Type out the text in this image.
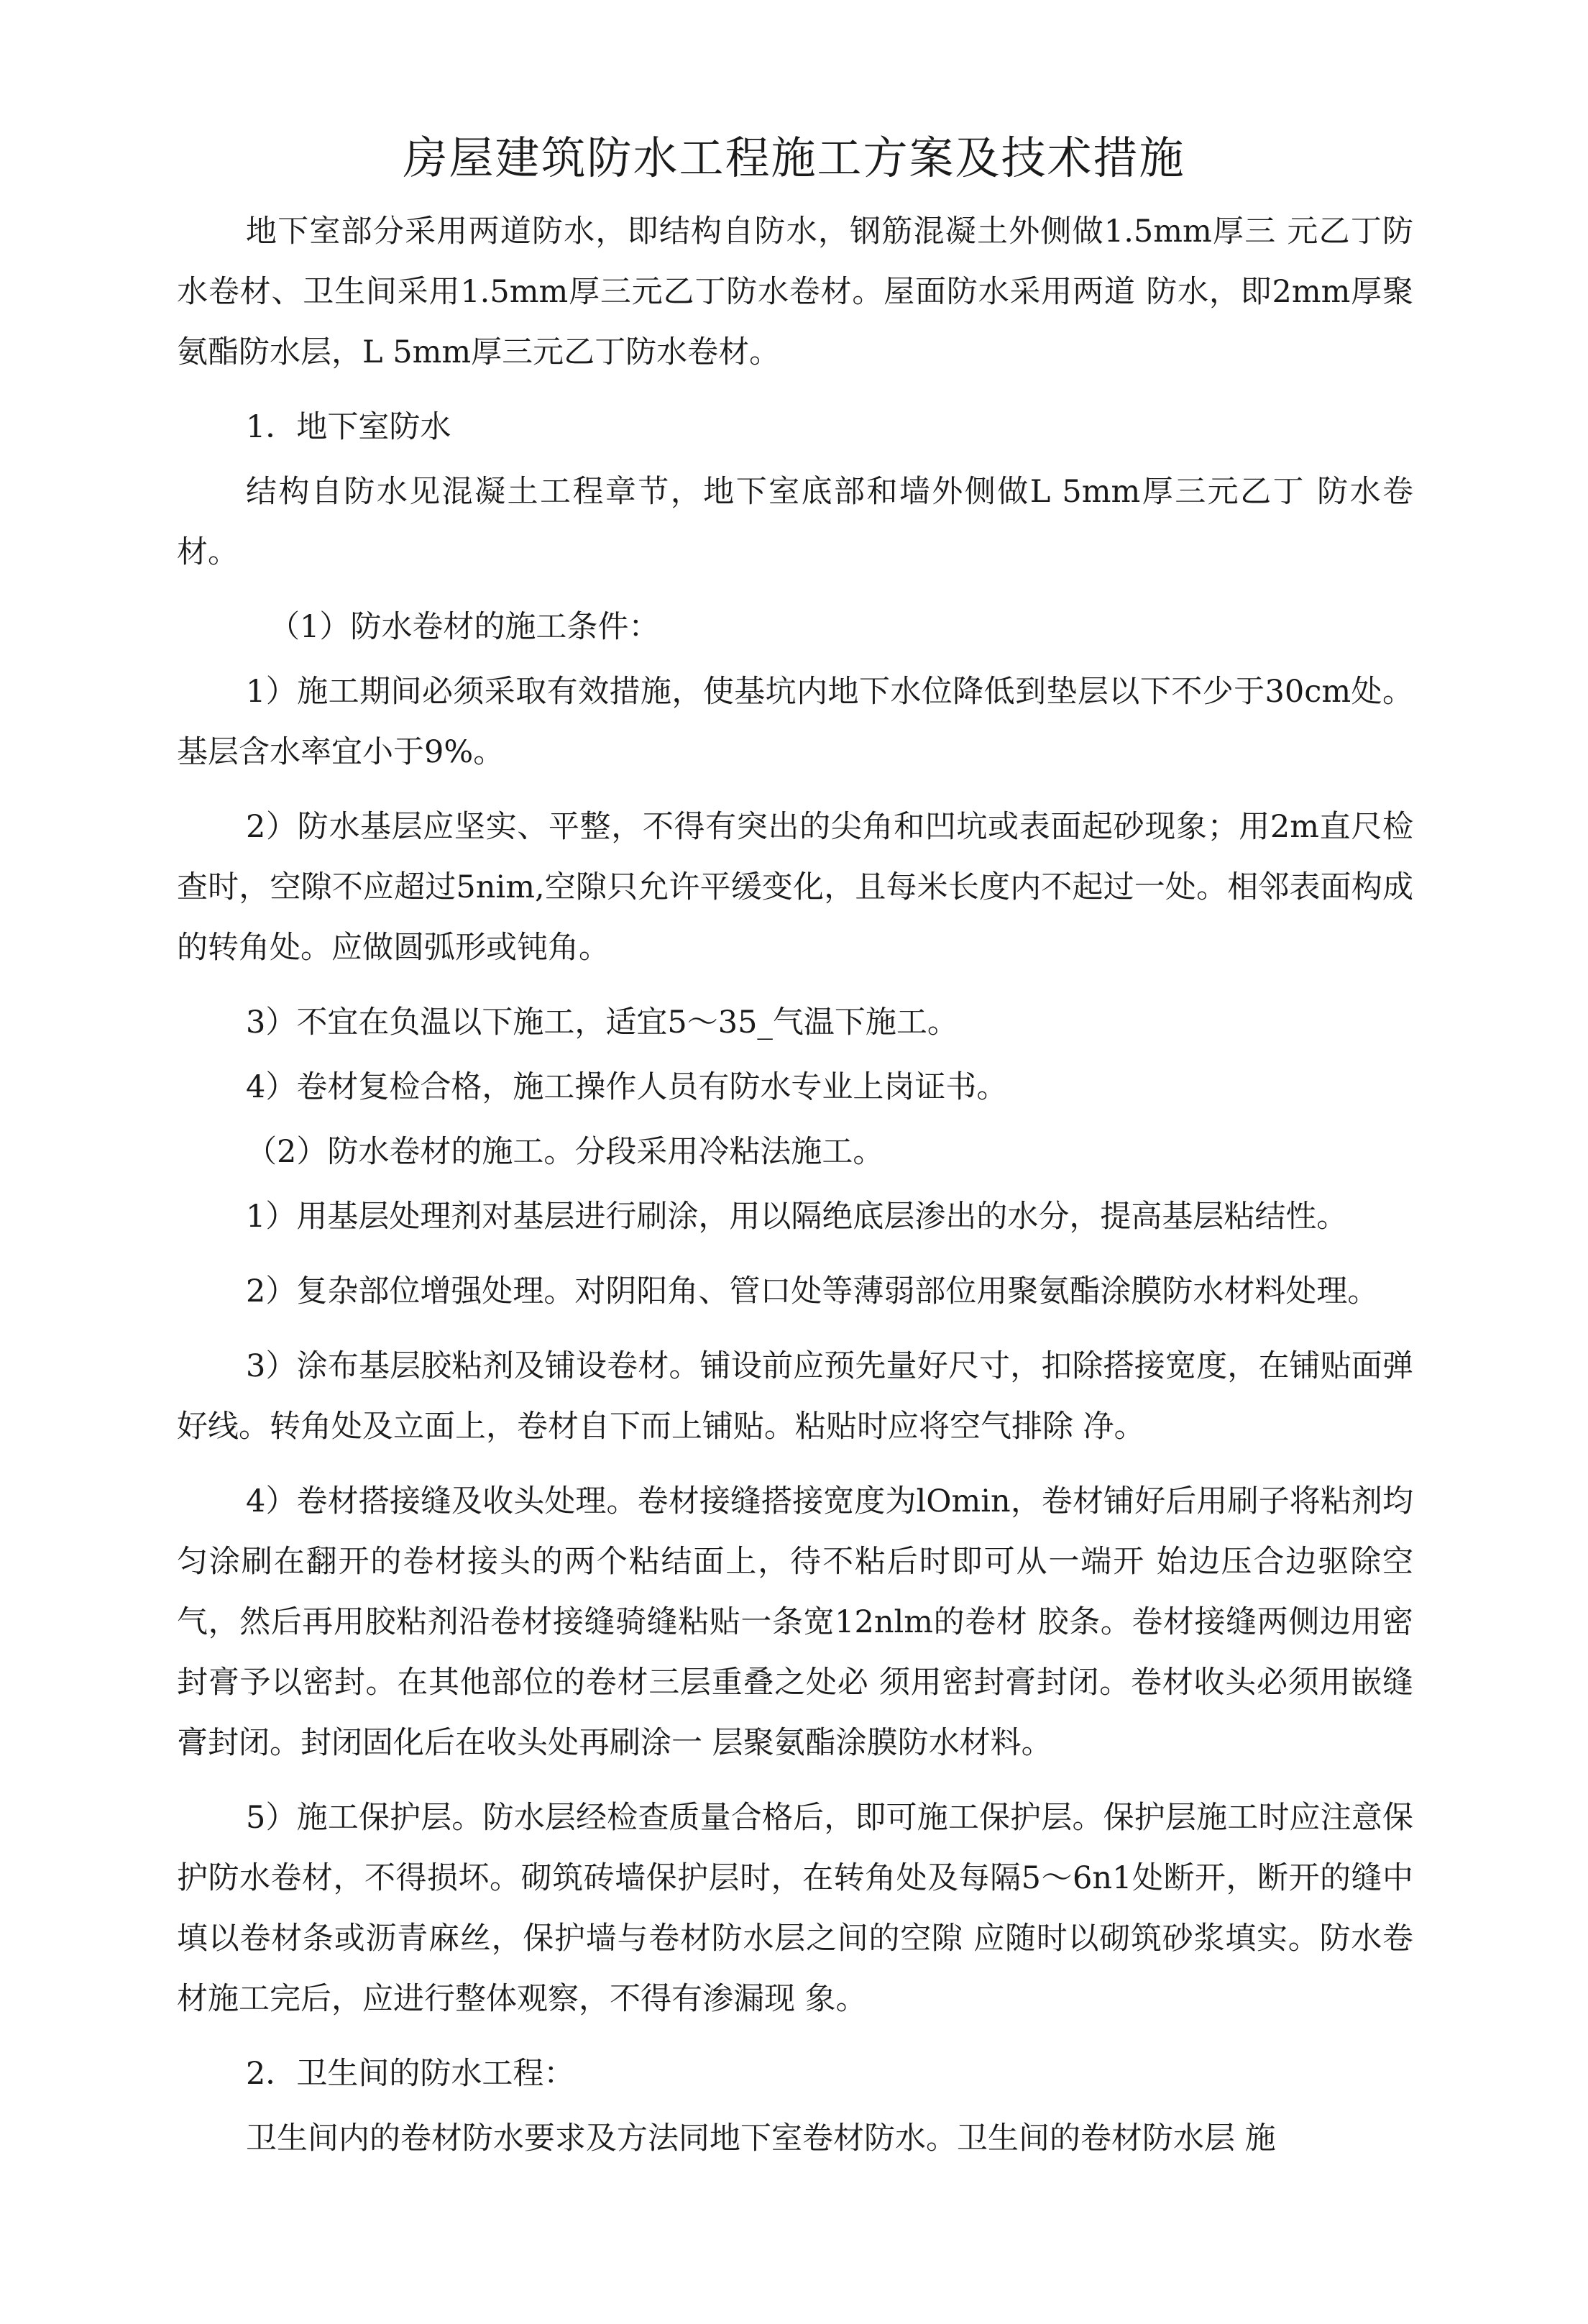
房屋建筑防水工程施工方案及技术措施

地下室部分采用两道防水，即结构自防水，钢筋混凝土外侧做1.5mm厚三 元乙丁防水卷材、卫生间采用1.5mm厚三元乙丁防水卷材。屋面防水采用两道 防水，即2mm厚聚氨酯防水层，L 5mm厚三元乙丁防水卷材。

1．地下室防水

结构自防水见混凝土工程章节，地下室底部和墙外侧做L 5mm厚三元乙丁 防水卷材。

（1）防水卷材的施工条件：

1）施工期间必须采取有效措施，使基坑内地下水位降低到垫层以下不少于30cm处。基层含水率宜小于9%。

2）防水基层应坚实、平整，不得有突出的尖角和凹坑或表面起砂现象；用2m直尺检查时，空隙不应超过5nim,空隙只允许平缓变化，且每米长度内不起过一处。相邻表面构成的转角处。应做圆弧形或钝角。

3）不宜在负温以下施工，适宜5〜35_气温下施工。

4）卷材复检合格，施工操作人员有防水专业上岗证书。

（2）防水卷材的施工。分段采用冷粘法施工。

1）用基层处理剂对基层进行刷涂，用以隔绝底层渗出的水分，提高基层粘结性。

2）复杂部位增强处理。对阴阳角、管口处等薄弱部位用聚氨酯涂膜防水材料处理。

3）涂布基层胶粘剂及铺设卷材。铺设前应预先量好尺寸，扣除搭接宽度，在铺贴面弹好线。转角处及立面上，卷材自下而上铺贴。粘贴时应将空气排除 净。

4）卷材搭接缝及收头处理。卷材接缝搭接宽度为lOmin，卷材铺好后用刷子将粘剂均匀涂刷在翻开的卷材接头的两个粘结面上，待不粘后时即可从一端开 始边压合边驱除空气，然后再用胶粘剂沿卷材接缝骑缝粘贴一条宽12nlm的卷材 胶条。卷材接缝两侧边用密封膏予以密封。在其他部位的卷材三层重叠之处必 须用密封膏封闭。卷材收头必须用嵌缝膏封闭。封闭固化后在收头处再刷涂一 层聚氨酯涂膜防水材料。

5）施工保护层。防水层经检查质量合格后，即可施工保护层。保护层施工时应注意保护防水卷材，不得损坏。砌筑砖墙保护层时，在转角处及每隔5〜6n1处断开，断开的缝中填以卷材条或沥青麻丝，保护墙与卷材防水层之间的空隙 应随时以砌筑砂浆填实。防水卷材施工完后，应进行整体观察，不得有渗漏现 象。

2．卫生间的防水工程：

卫生间内的卷材防水要求及方法同地下室卷材防水。卫生间的卷材防水层 施
